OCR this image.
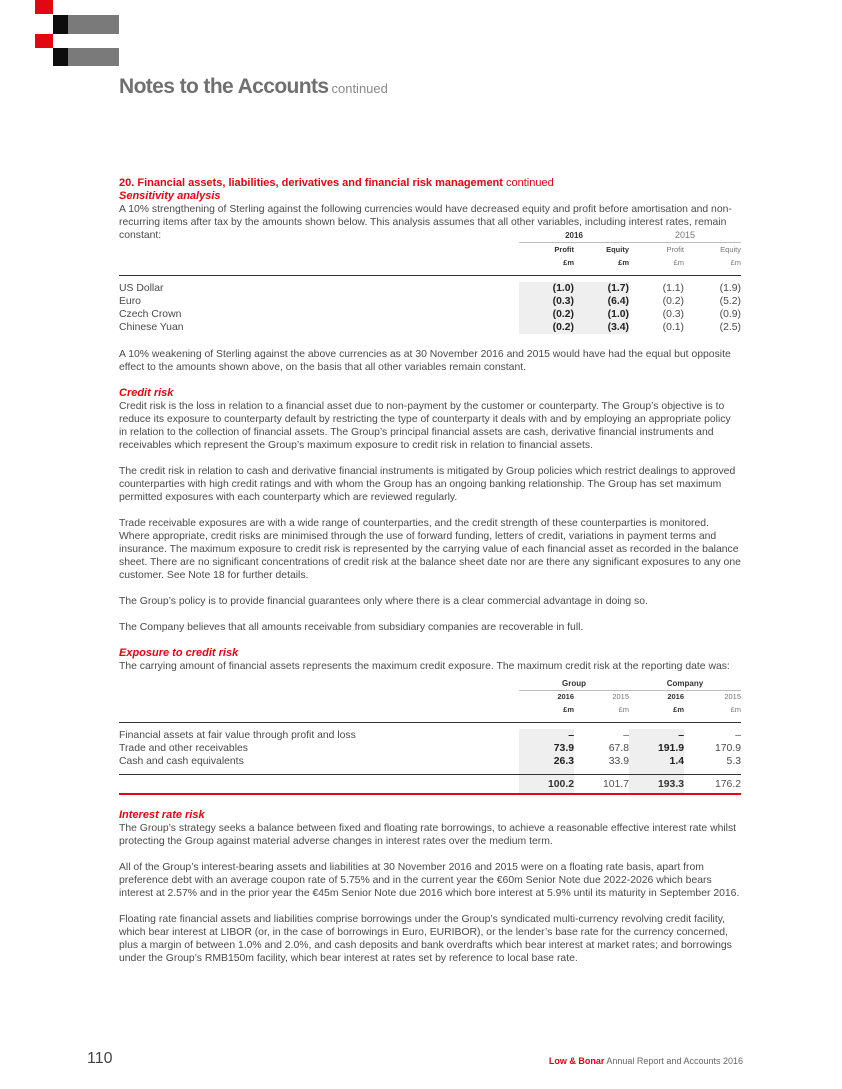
Notes to the Accounts continued
20. Financial assets, liabilities, derivatives and financial risk management continued
Sensitivity analysis
A 10% strengthening of Sterling against the following currencies would have decreased equity and profit before amortisation and non-recurring items after tax by the amounts shown below. This analysis assumes that all other variables, including interest rates, remain constant:
		2016		2015	
	Profit	Equity	Profit	Equity
	£m	£m	£m	£m

US Dollar	(1.0)	(1.7)	(1.1)	(1.9)
Euro	(0.3)	(6.4)	(0.2)	(5.2)
Czech Crown	(0.2)	(1.0)	(0.3)	(0.9)
Chinese Yuan	(0.2)	(3.4)	(0.1)	(2.5)

A 10% weakening of Sterling against the above currencies as at 30 November 2016 and 2015 would have had the equal but opposite effect to the amounts shown above, on the basis that all other variables remain constant.

Credit risk

Credit risk is the loss in relation to a financial asset due to non-payment by the customer or counterparty. The Group’s objective is to reduce its exposure to counterparty default by restricting the type of counterparty it deals with and by employing an appropriate policy in relation to the collection of financial assets. The Group’s principal financial assets are cash, derivative financial instruments and receivables which represent the Group’s maximum exposure to credit risk in relation to financial assets.

The credit risk in relation to cash and derivative financial instruments is mitigated by Group policies which restrict dealings to approved counterparties with high credit ratings and with whom the Group has an ongoing banking relationship. The Group has set maximum permitted exposures with each counterparty which are reviewed regularly.

Trade receivable exposures are with a wide range of counterparties, and the credit strength of these counterparties is monitored. Where appropriate, credit risks are minimised through the use of forward funding, letters of credit, variations in payment terms and insurance. The maximum exposure to credit risk is represented by the carrying value of each financial asset as recorded in the balance sheet. There are no significant concentrations of credit risk at the balance sheet date nor are there any significant exposures to any one customer. See Note 18 for further details.

The Group’s policy is to provide financial guarantees only where there is a clear commercial advantage in doing so.

The Company believes that all amounts receivable from subsidiary companies are recoverable in full.

Exposure to credit risk
The carrying amount of financial assets represents the maximum credit exposure. The maximum credit risk at the reporting date was:
	Group		Company	
	2016	2015	2016	2015
	£m	£m	£m	£m

Financial assets at fair value through profit and loss	–	–	–	–
Trade and other receivables	73.9	67.8	191.9	170.9
Cash and cash equivalents	26.3	33.9	1.4	5.3

	100.2	101.7	193.3	176.2
Interest rate risk

The Group’s strategy seeks a balance between fixed and floating rate borrowings, to achieve a reasonable effective interest rate whilst protecting the Group against material adverse changes in interest rates over the medium term.

All of the Group’s interest-bearing assets and liabilities at 30 November 2016 and 2015 were on a floating rate basis, apart from preference debt with an average coupon rate of 5.75% and in the current year the €60m Senior Note due 2022-2026 which bears interest at 2.57% and in the prior year the €45m Senior Note due 2016 which bore interest at 5.9% until its maturity in September 2016.

Floating rate financial assets and liabilities comprise borrowings under the Group’s syndicated multi-currency revolving credit facility, which bear interest at LIBOR (or, in the case of borrowings in Euro, EURIBOR), or the lender’s base rate for the currency concerned, plus a margin of between 1.0% and 2.0%, and cash deposits and bank overdrafts which bear interest at market rates; and borrowings under the Group’s RMB150m facility, which bear interest at rates set by reference to local base rate.

110	Low & Bonar Annual Report and Accounts 2016
